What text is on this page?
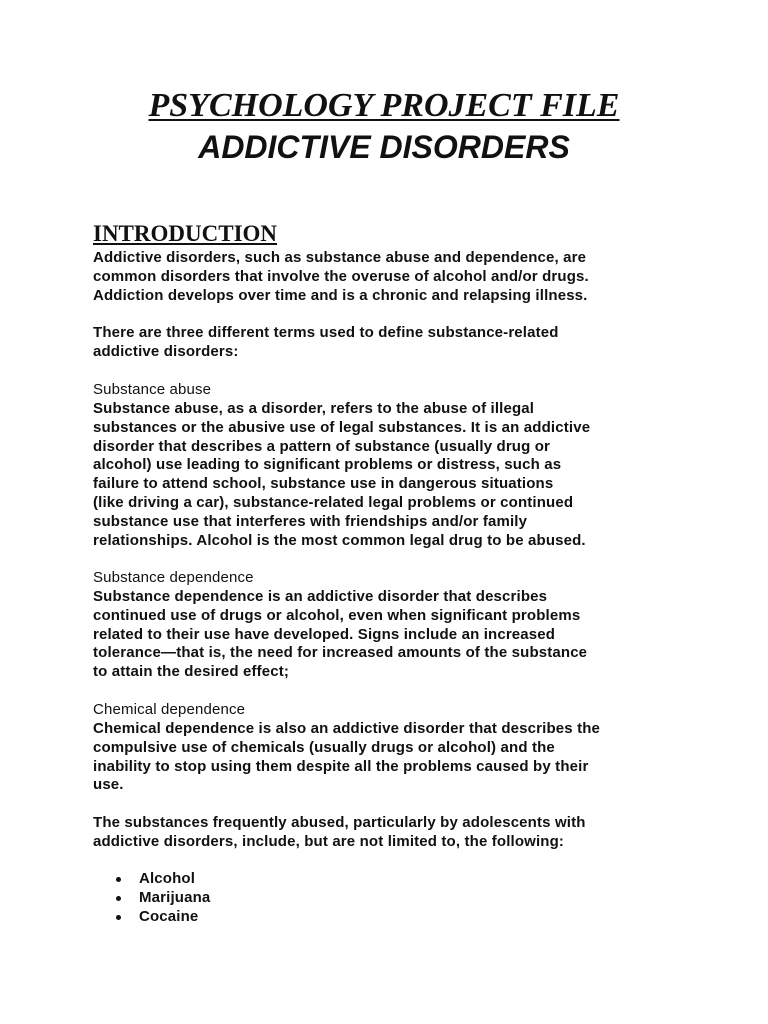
PSYCHOLOGY PROJECT FILE
ADDICTIVE DISORDERS
INTRODUCTION

Addictive disorders, such as substance abuse and dependence, are
common disorders that involve the overuse of alcohol and/or drugs.
Addiction develops over time and is a chronic and relapsing illness.

There are three different terms used to define substance-related
addictive disorders:

Substance abuse

Substance abuse, as a disorder, refers to the abuse of illegal
substances or the abusive use of legal substances. It is an addictive
disorder that describes a pattern of substance (usually drug or
alcohol) use leading to significant problems or distress, such as
failure to attend school, substance use in dangerous situations
(like driving a car), substance-related legal problems or continued
substance use that interferes with friendships and/or family
relationships. Alcohol is the most common legal drug to be abused.

Substance dependence

Substance dependence is an addictive disorder that describes
continued use of drugs or alcohol, even when significant problems
related to their use have developed. Signs include an increased
tolerance—that is, the need for increased amounts of the substance
to attain the desired effect;

Chemical dependence

Chemical dependence is also an addictive disorder that describes the
compulsive use of chemicals (usually drugs or alcohol) and the
inability to stop using them despite all the problems caused by their
use.

The substances frequently abused, particularly by adolescents with
addictive disorders, include, but are not limited to, the following:

Alcohol
Marijuana
Cocaine
